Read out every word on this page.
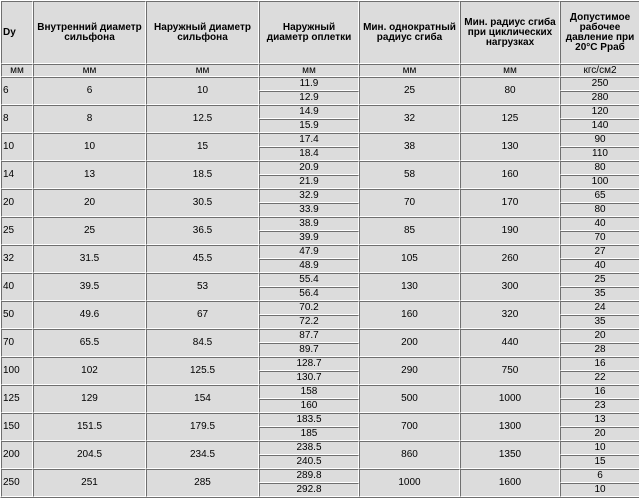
Dy	Внутренний диаметр сильфона	Наружный диаметр сильфона	Наружный диаметр оплетки	Мин. однократный радиус сгиба	Мин. радиус сгиба при циклических нагрузках	Допустимое рабочее давление при 20°C Рраб
мм	мм	мм	мм	мм	мм	кгс/см2
6	6	10	11.9	25	80	250
			12.9			280
8	8	12.5	14.9	32	125	120
			15.9			140
10	10	15	17.4	38	130	90
			18.4			110
14	13	18.5	20.9	58	160	80
			21.9			100
20	20	30.5	32.9	70	170	65
			33.9			80
25	25	36.5	38.9	85	190	40
			39.9			70
32	31.5	45.5	47.9	105	260	27
			48.9			40
40	39.5	53	55.4	130	300	25
			56.4			35
50	49.6	67	70.2	160	320	24
			72.2			35
70	65.5	84.5	87.7	200	440	20
			89.7			28
100	102	125.5	128.7	290	750	16
			130.7			22
125	129	154	158	500	1000	16
			160			23
150	151.5	179.5	183.5	700	1300	13
			185			20
200	204.5	234.5	238.5	860	1350	10
			240.5			15
250	251	285	289.8	1000	1600	6
			292.8			10
